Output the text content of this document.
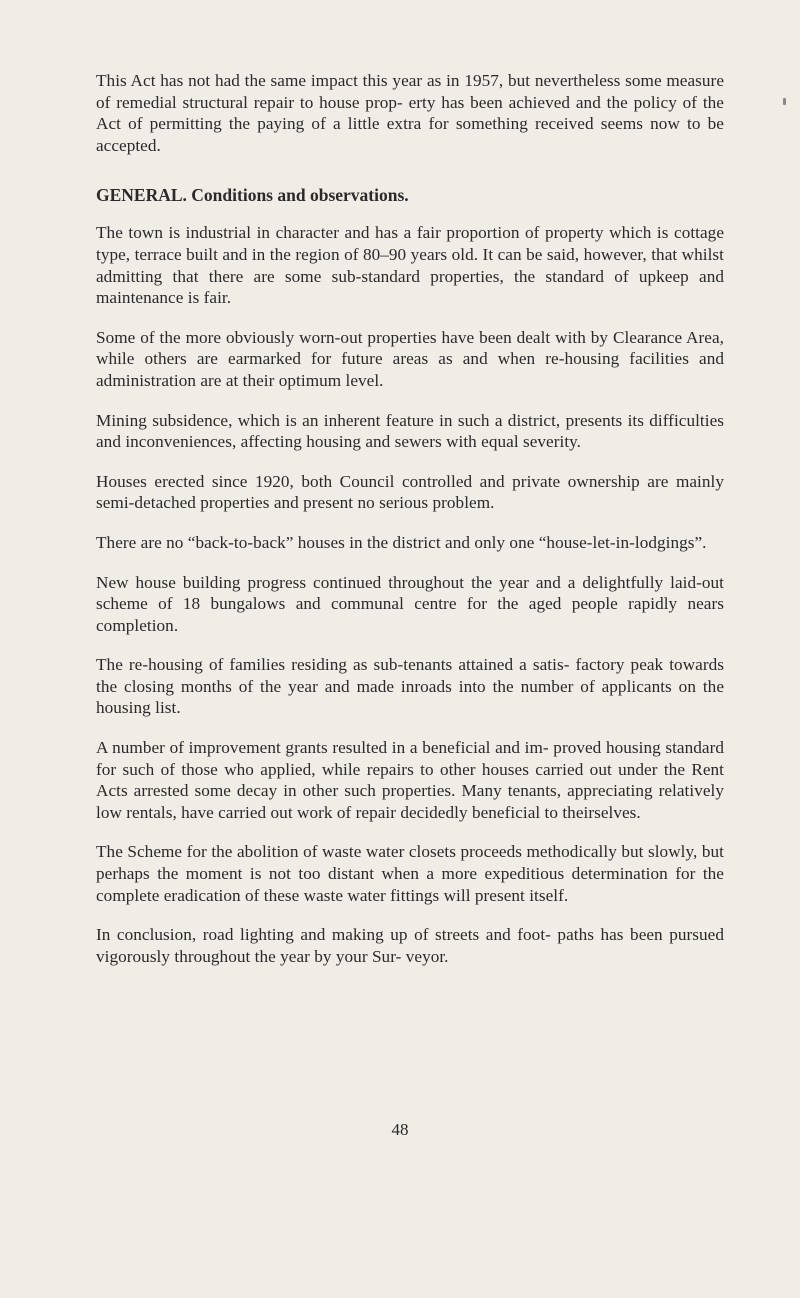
This Act has not had the same impact this year as in 1957, but nevertheless some measure of remedial structural repair to house prop- erty has been achieved and the policy of the Act of permitting the paying of a little extra for something received seems now to be accepted.

GENERAL. Conditions and observations.

The town is industrial in character and has a fair proportion of property which is cottage type, terrace built and in the region of 80–90 years old. It can be said, however, that whilst admitting that there are some sub-standard properties, the standard of upkeep and maintenance is fair.

Some of the more obviously worn-out properties have been dealt with by Clearance Area, while others are earmarked for future areas as and when re-housing facilities and administration are at their optimum level.

Mining subsidence, which is an inherent feature in such a district, presents its difficulties and inconveniences, affecting housing and sewers with equal severity.

Houses erected since 1920, both Council controlled and private ownership are mainly semi-detached properties and present no serious problem.

There are no “back-to-back” houses in the district and only one “house-let-in-lodgings”.

New house building progress continued throughout the year and a delightfully laid-out scheme of 18 bungalows and communal centre for the aged people rapidly nears completion.

The re-housing of families residing as sub-tenants attained a satis- factory peak towards the closing months of the year and made inroads into the number of applicants on the housing list.

A number of improvement grants resulted in a beneficial and im- proved housing standard for such of those who applied, while repairs to other houses carried out under the Rent Acts arrested some decay in other such properties. Many tenants, appreciating relatively low rentals, have carried out work of repair decidedly beneficial to theirselves.

The Scheme for the abolition of waste water closets proceeds methodically but slowly, but perhaps the moment is not too distant when a more expeditious determination for the complete eradication of these waste water fittings will present itself.

In conclusion, road lighting and making up of streets and foot- paths has been pursued vigorously throughout the year by your Sur- veyor.

48
